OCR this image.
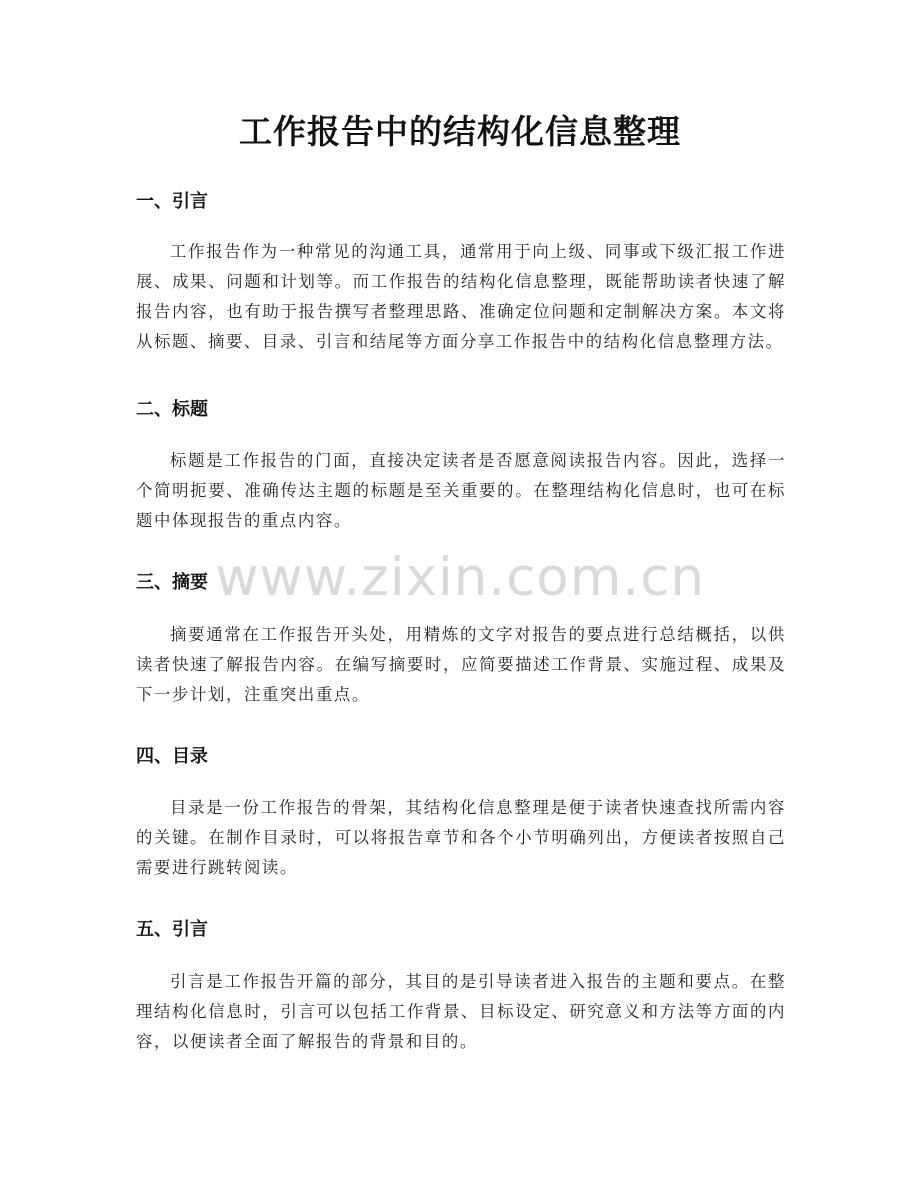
工作报告中的结构化信息整理
一、引言
工作报告作为一种常见的沟通工具，通常用于向上级、同事或下级汇报工作进展、成果、问题和计划等。而工作报告的结构化信息整理，既能帮助读者快速了解报告内容，也有助于报告撰写者整理思路、准确定位问题和定制解决方案。本文将从标题、摘要、目录、引言和结尾等方面分享工作报告中的结构化信息整理方法。
二、标题
标题是工作报告的门面，直接决定读者是否愿意阅读报告内容。因此，选择一个简明扼要、准确传达主题的标题是至关重要的。在整理结构化信息时，也可在标题中体现报告的重点内容。
三、摘要
摘要通常在工作报告开头处，用精炼的文字对报告的要点进行总结概括，以供读者快速了解报告内容。在编写摘要时，应简要描述工作背景、实施过程、成果及下一步计划，注重突出重点。
四、目录
目录是一份工作报告的骨架，其结构化信息整理是便于读者快速查找所需内容的关键。在制作目录时，可以将报告章节和各个小节明确列出，方便读者按照自己需要进行跳转阅读。
五、引言
引言是工作报告开篇的部分，其目的是引导读者进入报告的主题和要点。在整理结构化信息时，引言可以包括工作背景、目标设定、研究意义和方法等方面的内容，以便读者全面了解报告的背景和目的。
www.zixin.com.cn
